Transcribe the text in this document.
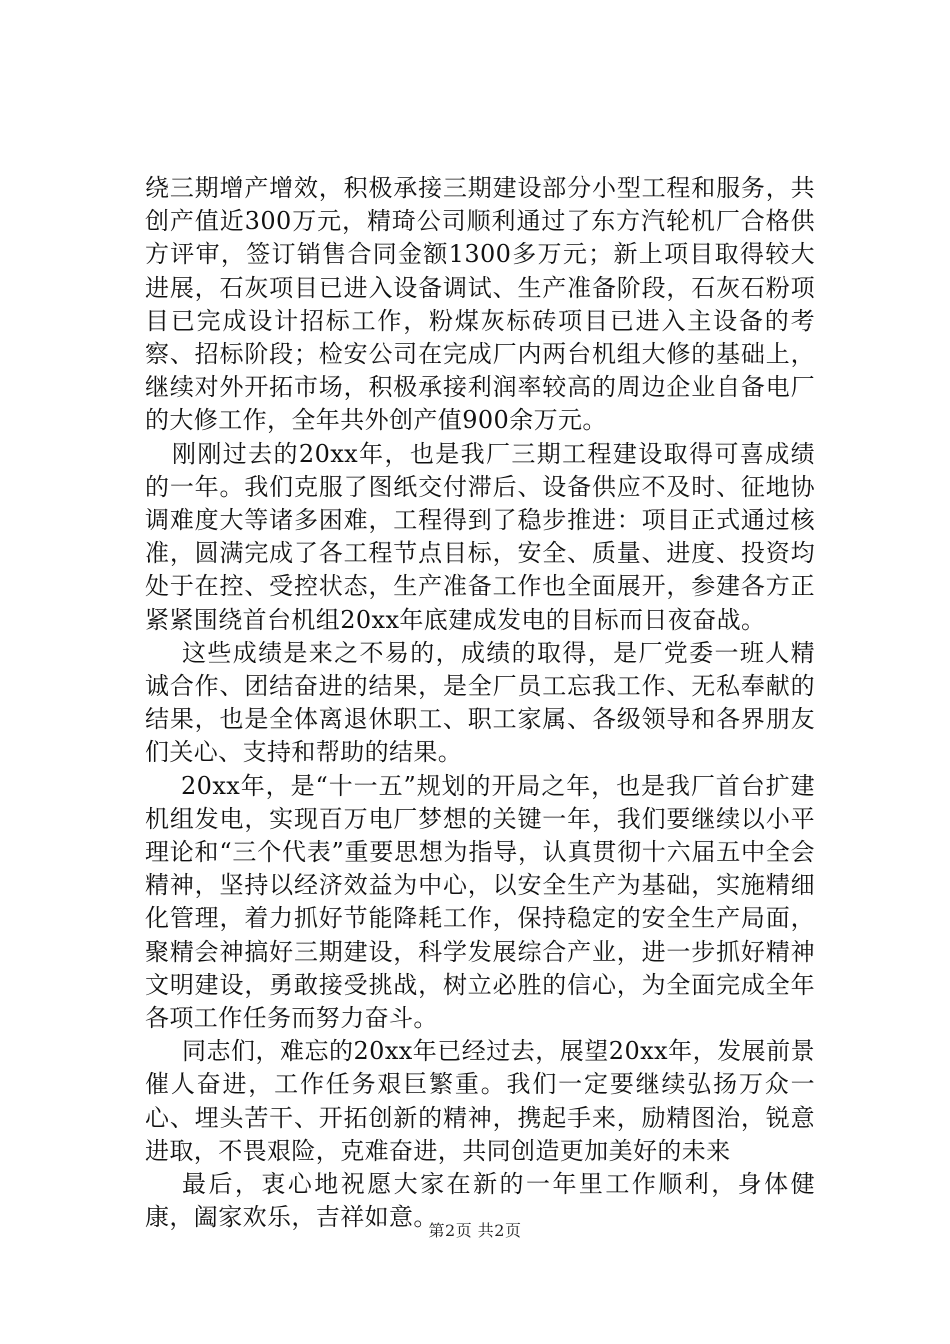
绕三期增产增效，积极承接三期建设部分小型工程和服务，共创产值近300万元，精琦公司顺利通过了东方汽轮机厂合格供方评审，签订销售合同金额1300多万元；新上项目取得较大进展，石灰项目已进入设备调试、生产准备阶段，石灰石粉项目已完成设计招标工作，粉煤灰标砖项目已进入主设备的考察、招标阶段；检安公司在完成厂内两台机组大修的基础上，继续对外开拓市场，积极承接利润率较高的周边企业自备电厂的大修工作，全年共外创产值900余万元。

刚刚过去的20xx年，也是我厂三期工程建设取得可喜成绩的一年。我们克服了图纸交付滞后、设备供应不及时、征地协调难度大等诸多困难，工程得到了稳步推进：项目正式通过核准，圆满完成了各工程节点目标，安全、质量、进度、投资均处于在控、受控状态，生产准备工作也全面展开，参建各方正紧紧围绕首台机组20xx年底建成发电的目标而日夜奋战。

这些成绩是来之不易的，成绩的取得，是厂党委一班人精诚合作、团结奋进的结果，是全厂员工忘我工作、无私奉献的结果，也是全体离退休职工、职工家属、各级领导和各界朋友们关心、支持和帮助的结果。

20xx年，是“十一五”规划的开局之年，也是我厂首台扩建机组发电，实现百万电厂梦想的关键一年，我们要继续以小平理论和“三个代表”重要思想为指导，认真贯彻十六届五中全会精神，坚持以经济效益为中心，以安全生产为基础，实施精细化管理，着力抓好节能降耗工作，保持稳定的安全生产局面，聚精会神搞好三期建设，科学发展综合产业，进一步抓好精神文明建设，勇敢接受挑战，树立必胜的信心，为全面完成全年各项工作任务而努力奋斗。

同志们，难忘的20xx年已经过去，展望20xx年，发展前景催人奋进，工作任务艰巨繁重。我们一定要继续弘扬万众一心、埋头苦干、开拓创新的精神，携起手来，励精图治，锐意进取，不畏艰险，克难奋进，共同创造更加美好的未来

最后，衷心地祝愿大家在新的一年里工作顺利，身体健康，阖家欢乐，吉祥如意。

第2页 共2页
